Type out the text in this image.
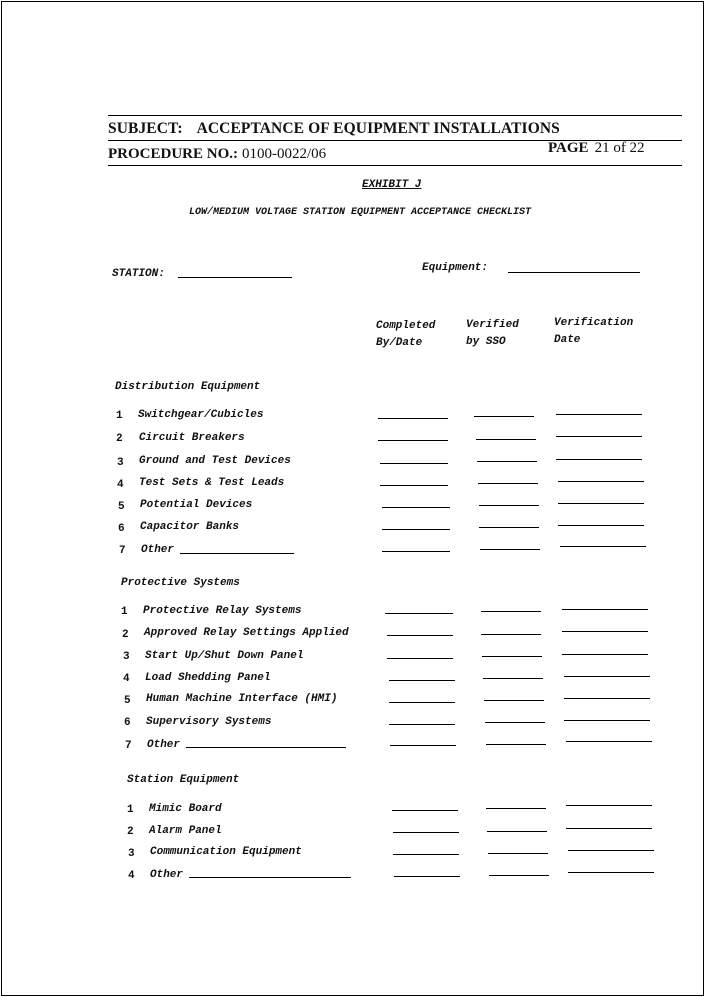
SUBJECT: ACCEPTANCE OF EQUIPMENT INSTALLATIONS
PROCEDURE NO.: 0100-0022/06	PAGE 21 of 22
EXHIBIT J
LOW/MEDIUM VOLTAGE STATION EQUIPMENT ACCEPTANCE CHECKLIST
STATION:	Equipment:
Completed
By/Date
Verified
by SSO
Verification
Date
Distribution Equipment
1 Switchgear/Cubicles
2 Circuit Breakers
3 Ground and Test Devices
4 Test Sets & Test Leads
5 Potential Devices
6 Capacitor Banks
7 Other
Protective Systems
1 Protective Relay Systems
2 Approved Relay Settings Applied
3 Start Up/Shut Down Panel
4 Load Shedding Panel
5 Human Machine Interface (HMI)
6 Supervisory Systems
7 Other
Station Equipment
1 Mimic Board
2 Alarm Panel
3 Communication Equipment
4 Other
